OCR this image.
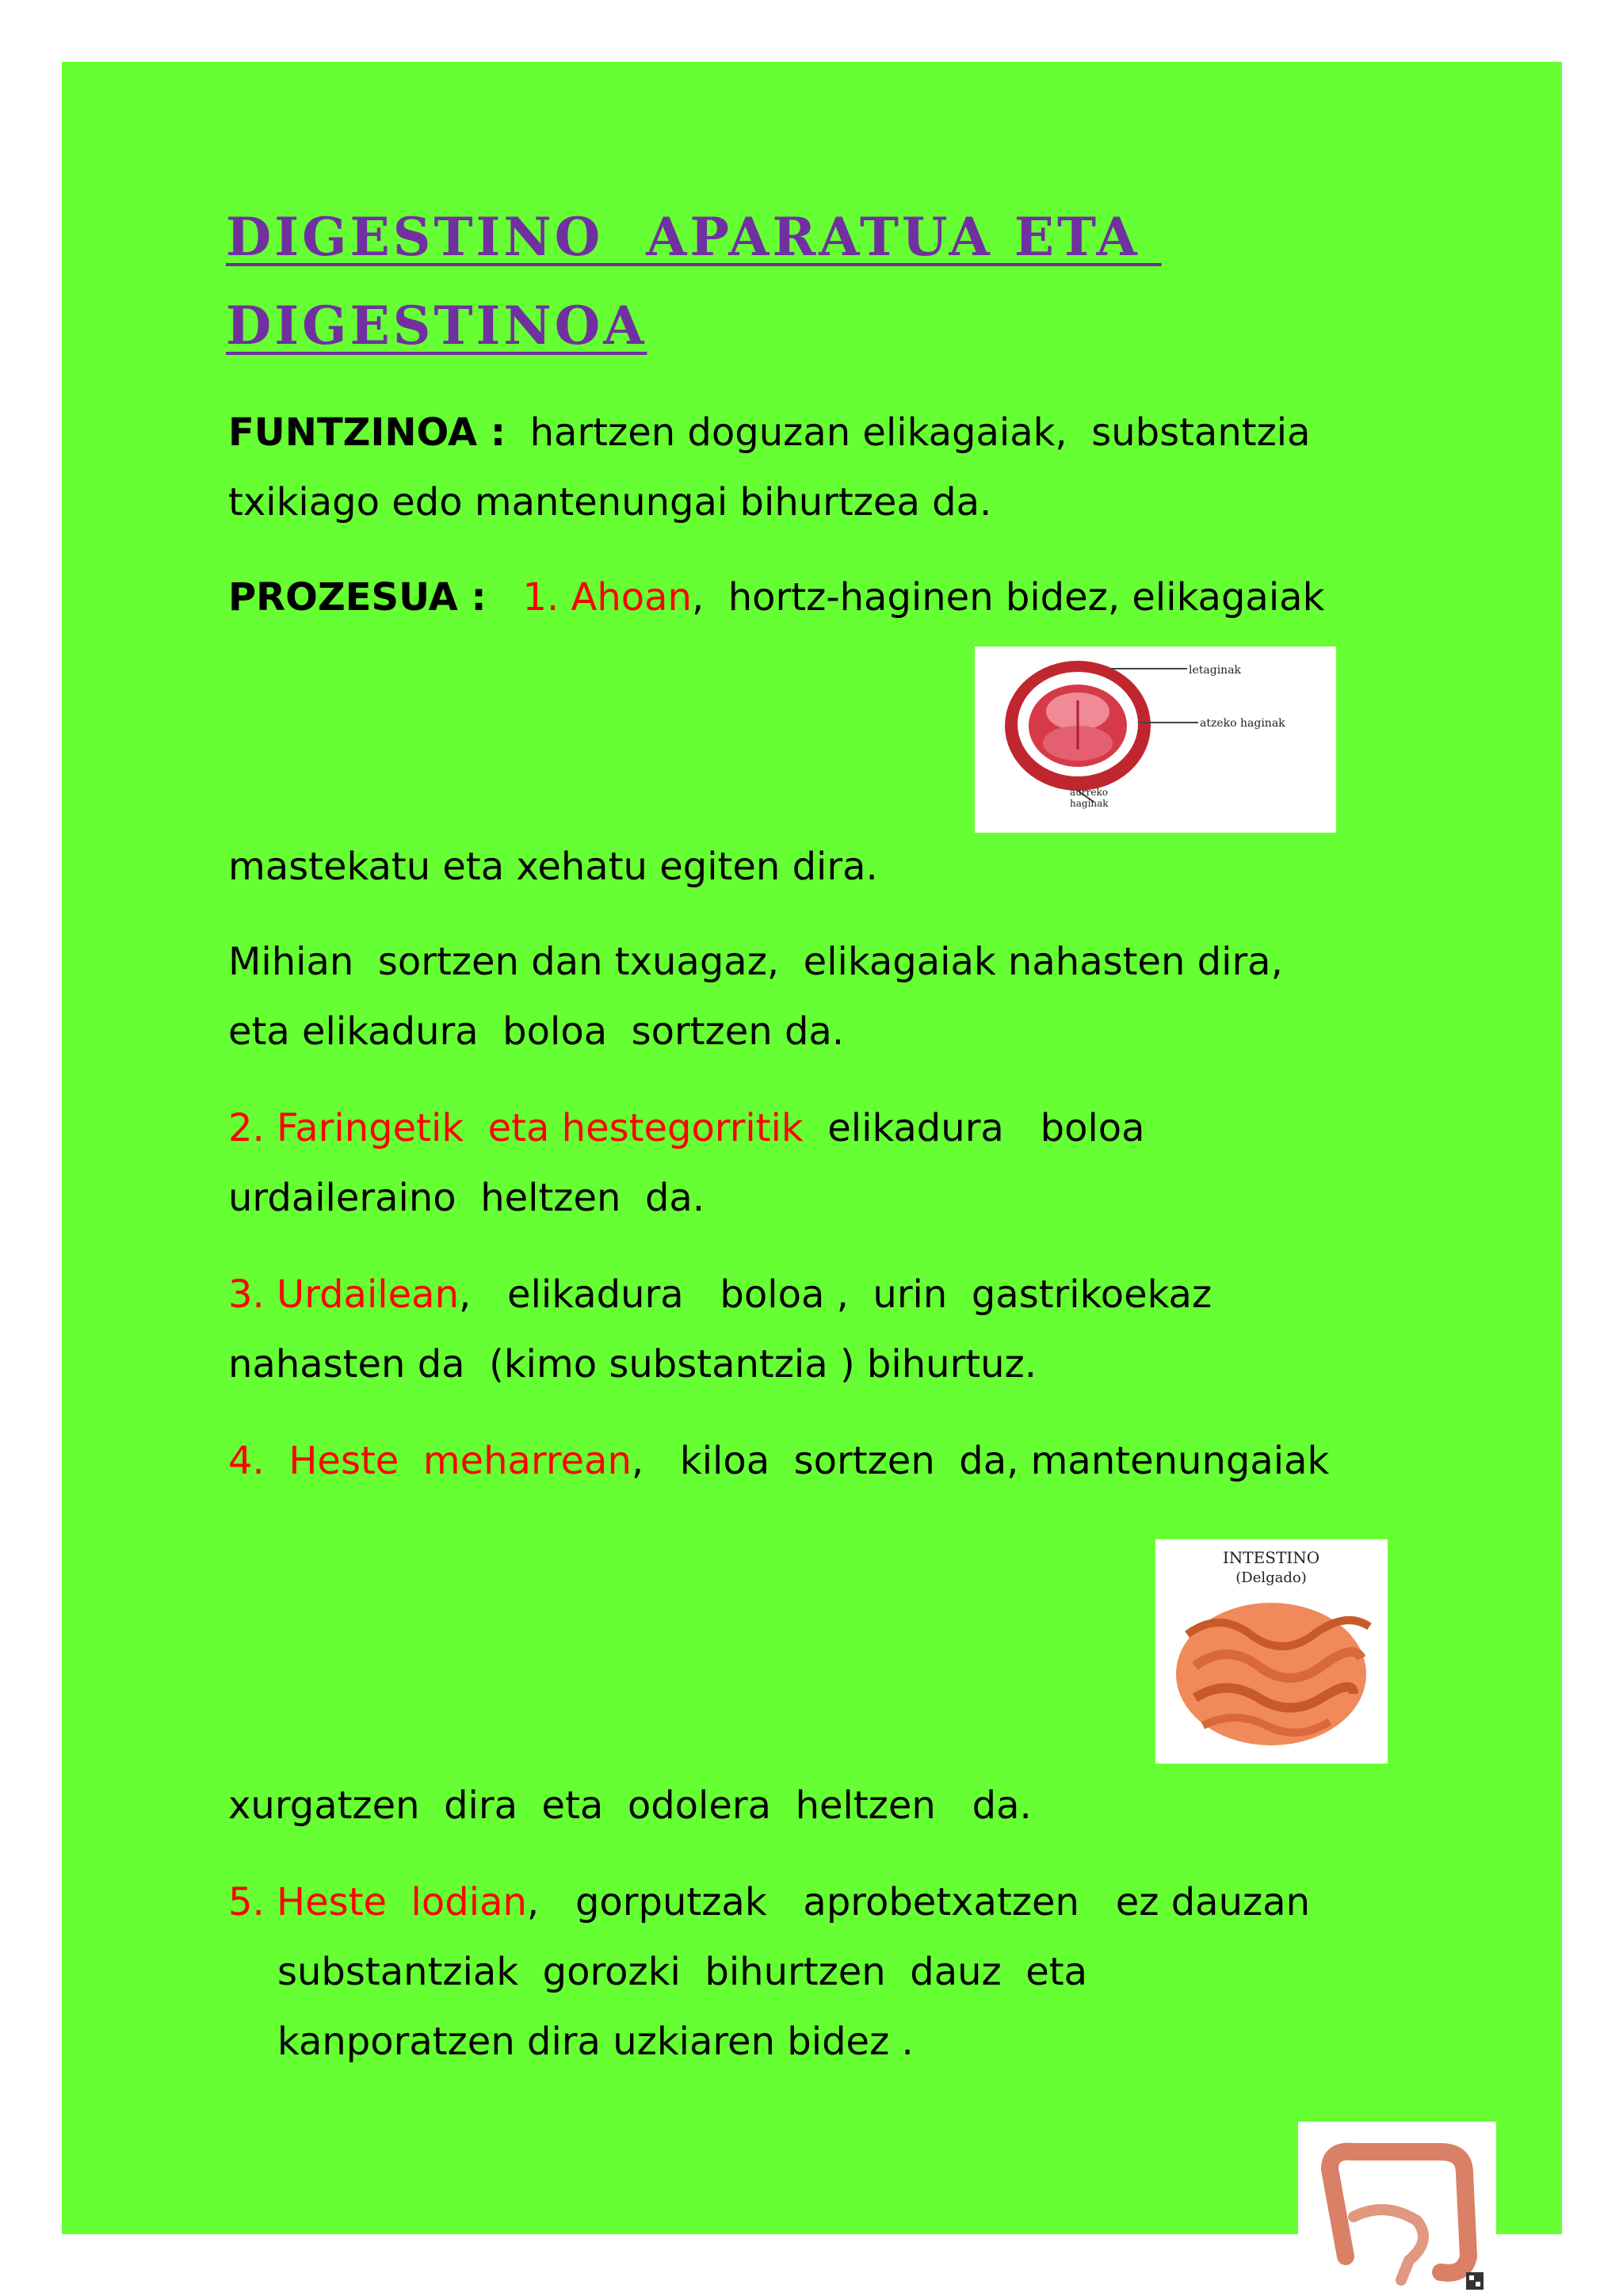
DIGESTINO  APARATUA ETA
DIGESTINOA

FUNTZINOA :  hartzen doguzan elikagaiak,  substantzia

txikiago edo mantenungai bihurtzea da.

PROZESUA : 1. Ahoan,  hortz-haginen bidez, elikagaiak

letaginak
atzeko haginak
aurreko
haginak

mastekatu eta xehatu egiten dira.

Mihian  sortzen dan txuagaz,  elikagaiak nahasten dira,

eta elikadura  boloa  sortzen da.

2. Faringetik  eta hestegorritik  elikadura   boloa

urdaileraino  heltzen  da.

3. Urdailean,   elikadura   boloa ,  urin  gastrikoekaz

nahasten da  (kimo substantzia ) bihurtuz.

4.  Heste  meharrean,   kiloa  sortzen  da, mantenungaiak

INTESTINO
(Delgado)

xurgatzen  dira  eta  odolera  heltzen   da.

5. Heste  lodian,   gorputzak   aprobetxatzen   ez dauzan

substantziak  gorozki  bihurtzen  dauz  eta

kanporatzen dira uzkiaren bidez .
